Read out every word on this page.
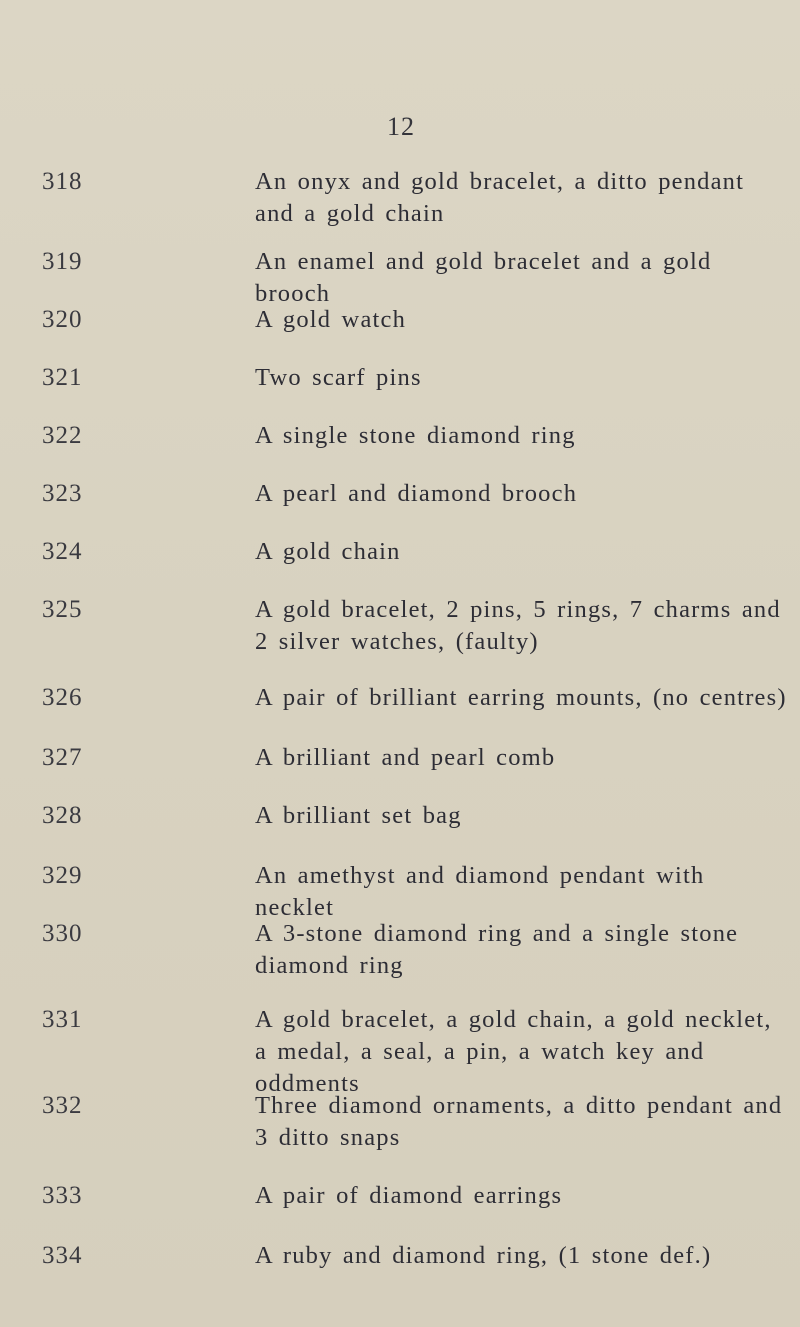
12
318	An onyx and gold bracelet, a ditto pendant and a gold chain
319	An enamel and gold bracelet and a gold brooch
320	A gold watch
321	Two scarf pins
322	A single stone diamond ring
323	A pearl and diamond brooch
324	A gold chain
325	A gold bracelet, 2 pins, 5 rings, 7 charms and 2 silver watches, (faulty)
326	A pair of brilliant earring mounts, (no centres)
327	A brilliant and pearl comb
328	A brilliant set bag
329	An amethyst and diamond pendant with necklet
330	A 3-stone diamond ring and a single stone diamond ring
331	A gold bracelet, a gold chain, a gold necklet, a medal, a seal, a pin, a watch key and oddments
332	Three diamond ornaments, a ditto pendant and 3 ditto snaps
333	A pair of diamond earrings
334	A ruby and diamond ring, (1 stone def.)
